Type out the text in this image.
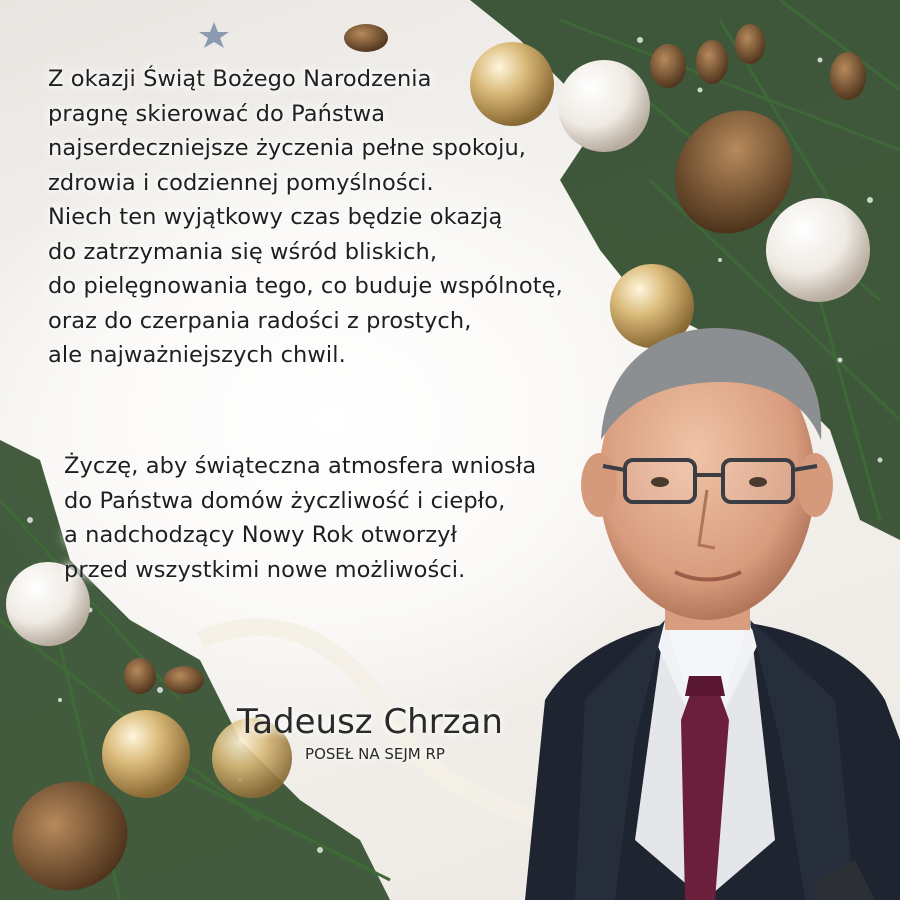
Z okazji Świąt Bożego Narodzenia
pragnę skierować do Państwa
najserdeczniejsze życzenia pełne spokoju,
zdrowia i codziennej pomyślności.
Niech ten wyjątkowy czas będzie okazją
do zatrzymania się wśród bliskich,
do pielęgnowania tego, co buduje wspólnotę,
oraz do czerpania radości z prostych,
ale najważniejszych chwil.
Życzę, aby świąteczna atmosfera wniosła
do Państwa domów życzliwość i ciepło,
a nadchodzący Nowy Rok otworzył
przed wszystkimi nowe możliwości.
Tadeusz Chrzan
POSEŁ NA SEJM RP
